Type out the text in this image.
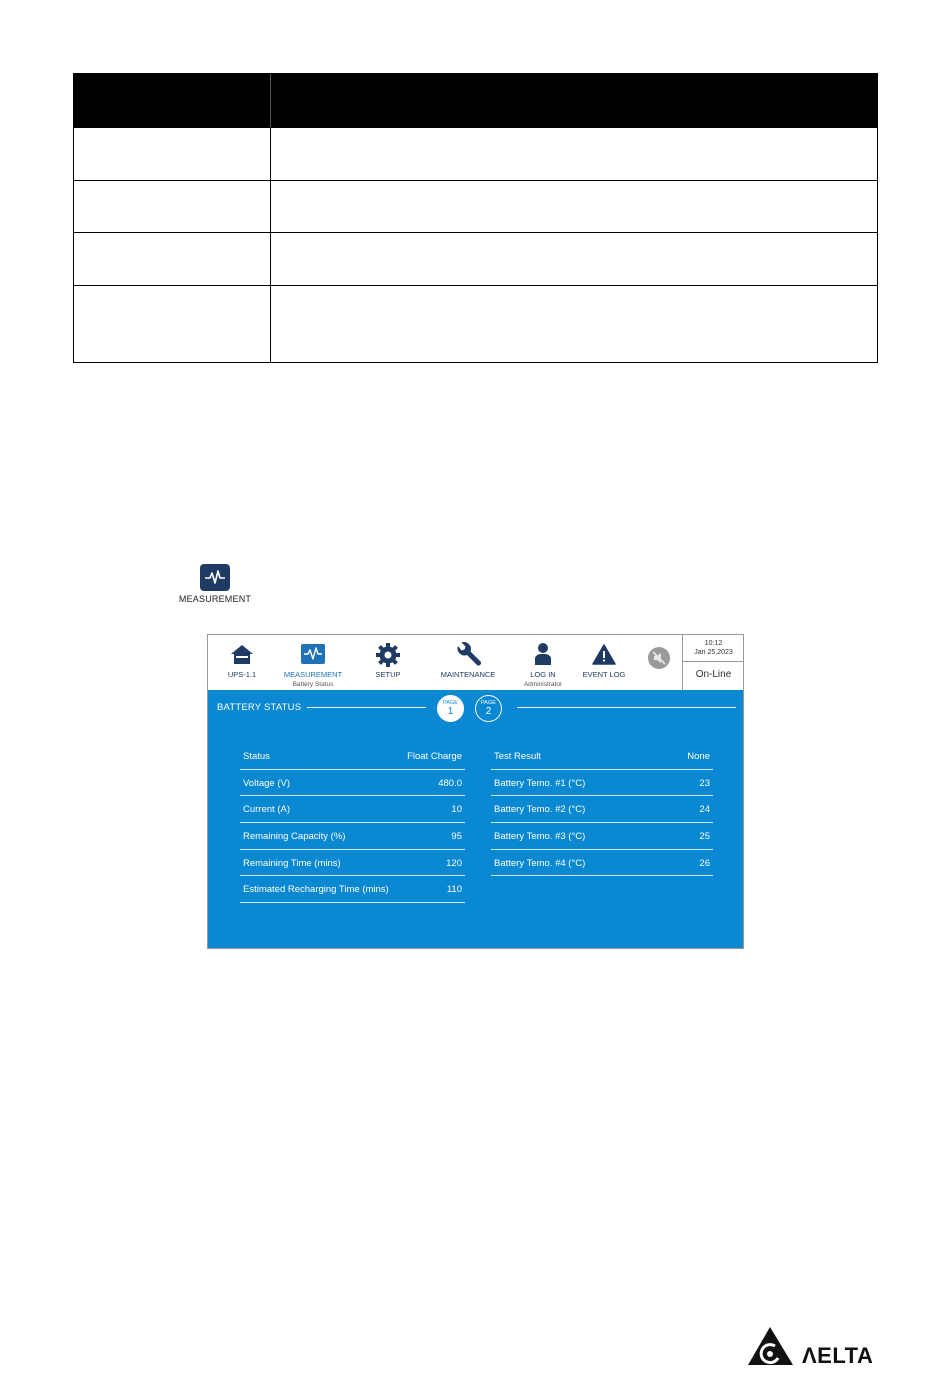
MEASUREMENT
UPS-1.1	MEASUREMENT
Battery Status
SETUP	MAINTENANCE	LOG IN
Administrator
EVENT LOG
10:12
Jan 25,2023
On-Line
BATTERY STATUS	PAGE
1
PAGE
2
Status	Float Charge
Voltage (V)	480.0
Current (A)	10
Remaining Capacity (%)	95
Remaining Time (mins)	120
Estimated Recharging Time (mins)	110
Test Result	None
Battery Temo. #1 (°C)	23
Battery Temo. #2 (°C)	24
Battery Temo. #3 (°C)	25
Battery Temo. #4 (°C)	26
ΛELTA
